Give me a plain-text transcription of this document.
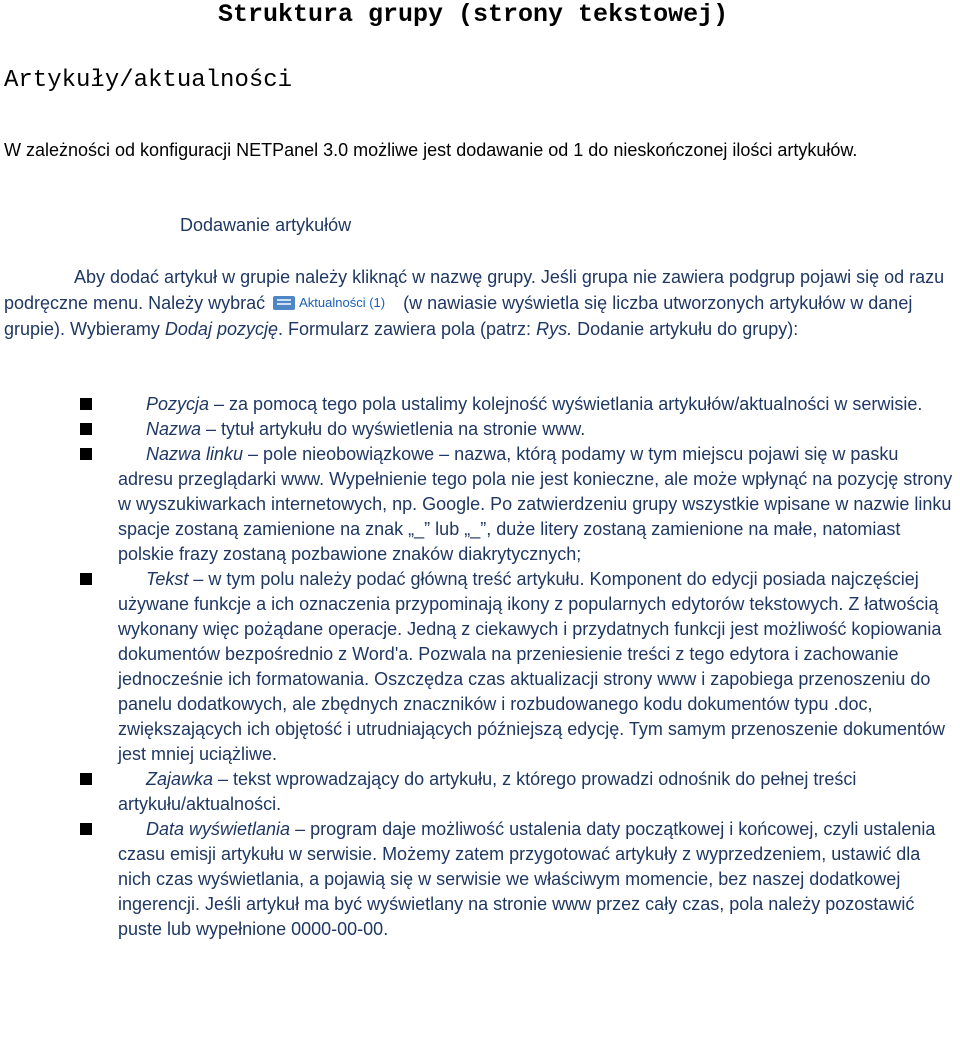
Struktura grupy (strony tekstowej)
Artykuły/aktualności

W zależności od konfiguracji NETPanel 3.0 możliwe jest dodawanie od 1 do nieskończonej ilości artykułów.

Dodawanie artykułów

Aby dodać artykuł w grupie należy kliknąć w nazwę grupy. Jeśli grupa nie zawiera podgrup pojawi się od razu podręczne menu. Należy wybrać	Aktualności (1) (w nawiasie wyświetla się liczba utworzonych artykułów w danej grupie). Wybieramy Dodaj pozycję. Formularz zawiera pola (patrz: Rys. Dodanie artykułu do grupy):

Pozycja – za pomocą tego pola ustalimy kolejność wyświetlania artykułów/aktualności w serwisie.
Nazwa – tytuł artykułu do wyświetlenia na stronie www.
Nazwa linku – pole nieobowiązkowe – nazwa, którą podamy w tym miejscu pojawi się w pasku adresu przeglądarki www. Wypełnienie tego pola nie jest konieczne, ale może wpłynąć na pozycję strony w wyszukiwarkach internetowych, np. Google. Po zatwierdzeniu grupy wszystkie wpisane w nazwie linku spacje zostaną zamienione na znak „_” lub „_”, duże litery zostaną zamienione na małe, natomiast polskie frazy zostaną pozbawione znaków diakrytycznych;
Tekst – w tym polu należy podać główną treść artykułu. Komponent do edycji posiada najczęściej używane funkcje a ich oznaczenia przypominają ikony z popularnych edytorów tekstowych. Z łatwością wykonany więc pożądane operacje. Jedną z ciekawych i przydatnych funkcji jest możliwość kopiowania dokumentów bezpośrednio z Word'a. Pozwala na przeniesienie treści z tego edytora i zachowanie jednocześnie ich formatowania. Oszczędza czas aktualizacji strony www i zapobiega przenoszeniu do panelu dodatkowych, ale zbędnych znaczników i rozbudowanego kodu dokumentów typu .doc, zwiększających ich objętość i utrudniających późniejszą edycję. Tym samym przenoszenie dokumentów jest mniej uciążliwe.
Zajawka – tekst wprowadzający do artykułu, z którego prowadzi odnośnik do pełnej treści artykułu/aktualności.
Data wyświetlania – program daje możliwość ustalenia daty początkowej i końcowej, czyli ustalenia czasu emisji artykułu w serwisie. Możemy zatem przygotować artykuły z wyprzedzeniem, ustawić dla nich czas wyświetlania, a pojawią się w serwisie we właściwym momencie, bez naszej dodatkowej ingerencji. Jeśli artykuł ma być wyświetlany na stronie www przez cały czas, pola należy pozostawić puste lub wypełnione 0000-00-00.
